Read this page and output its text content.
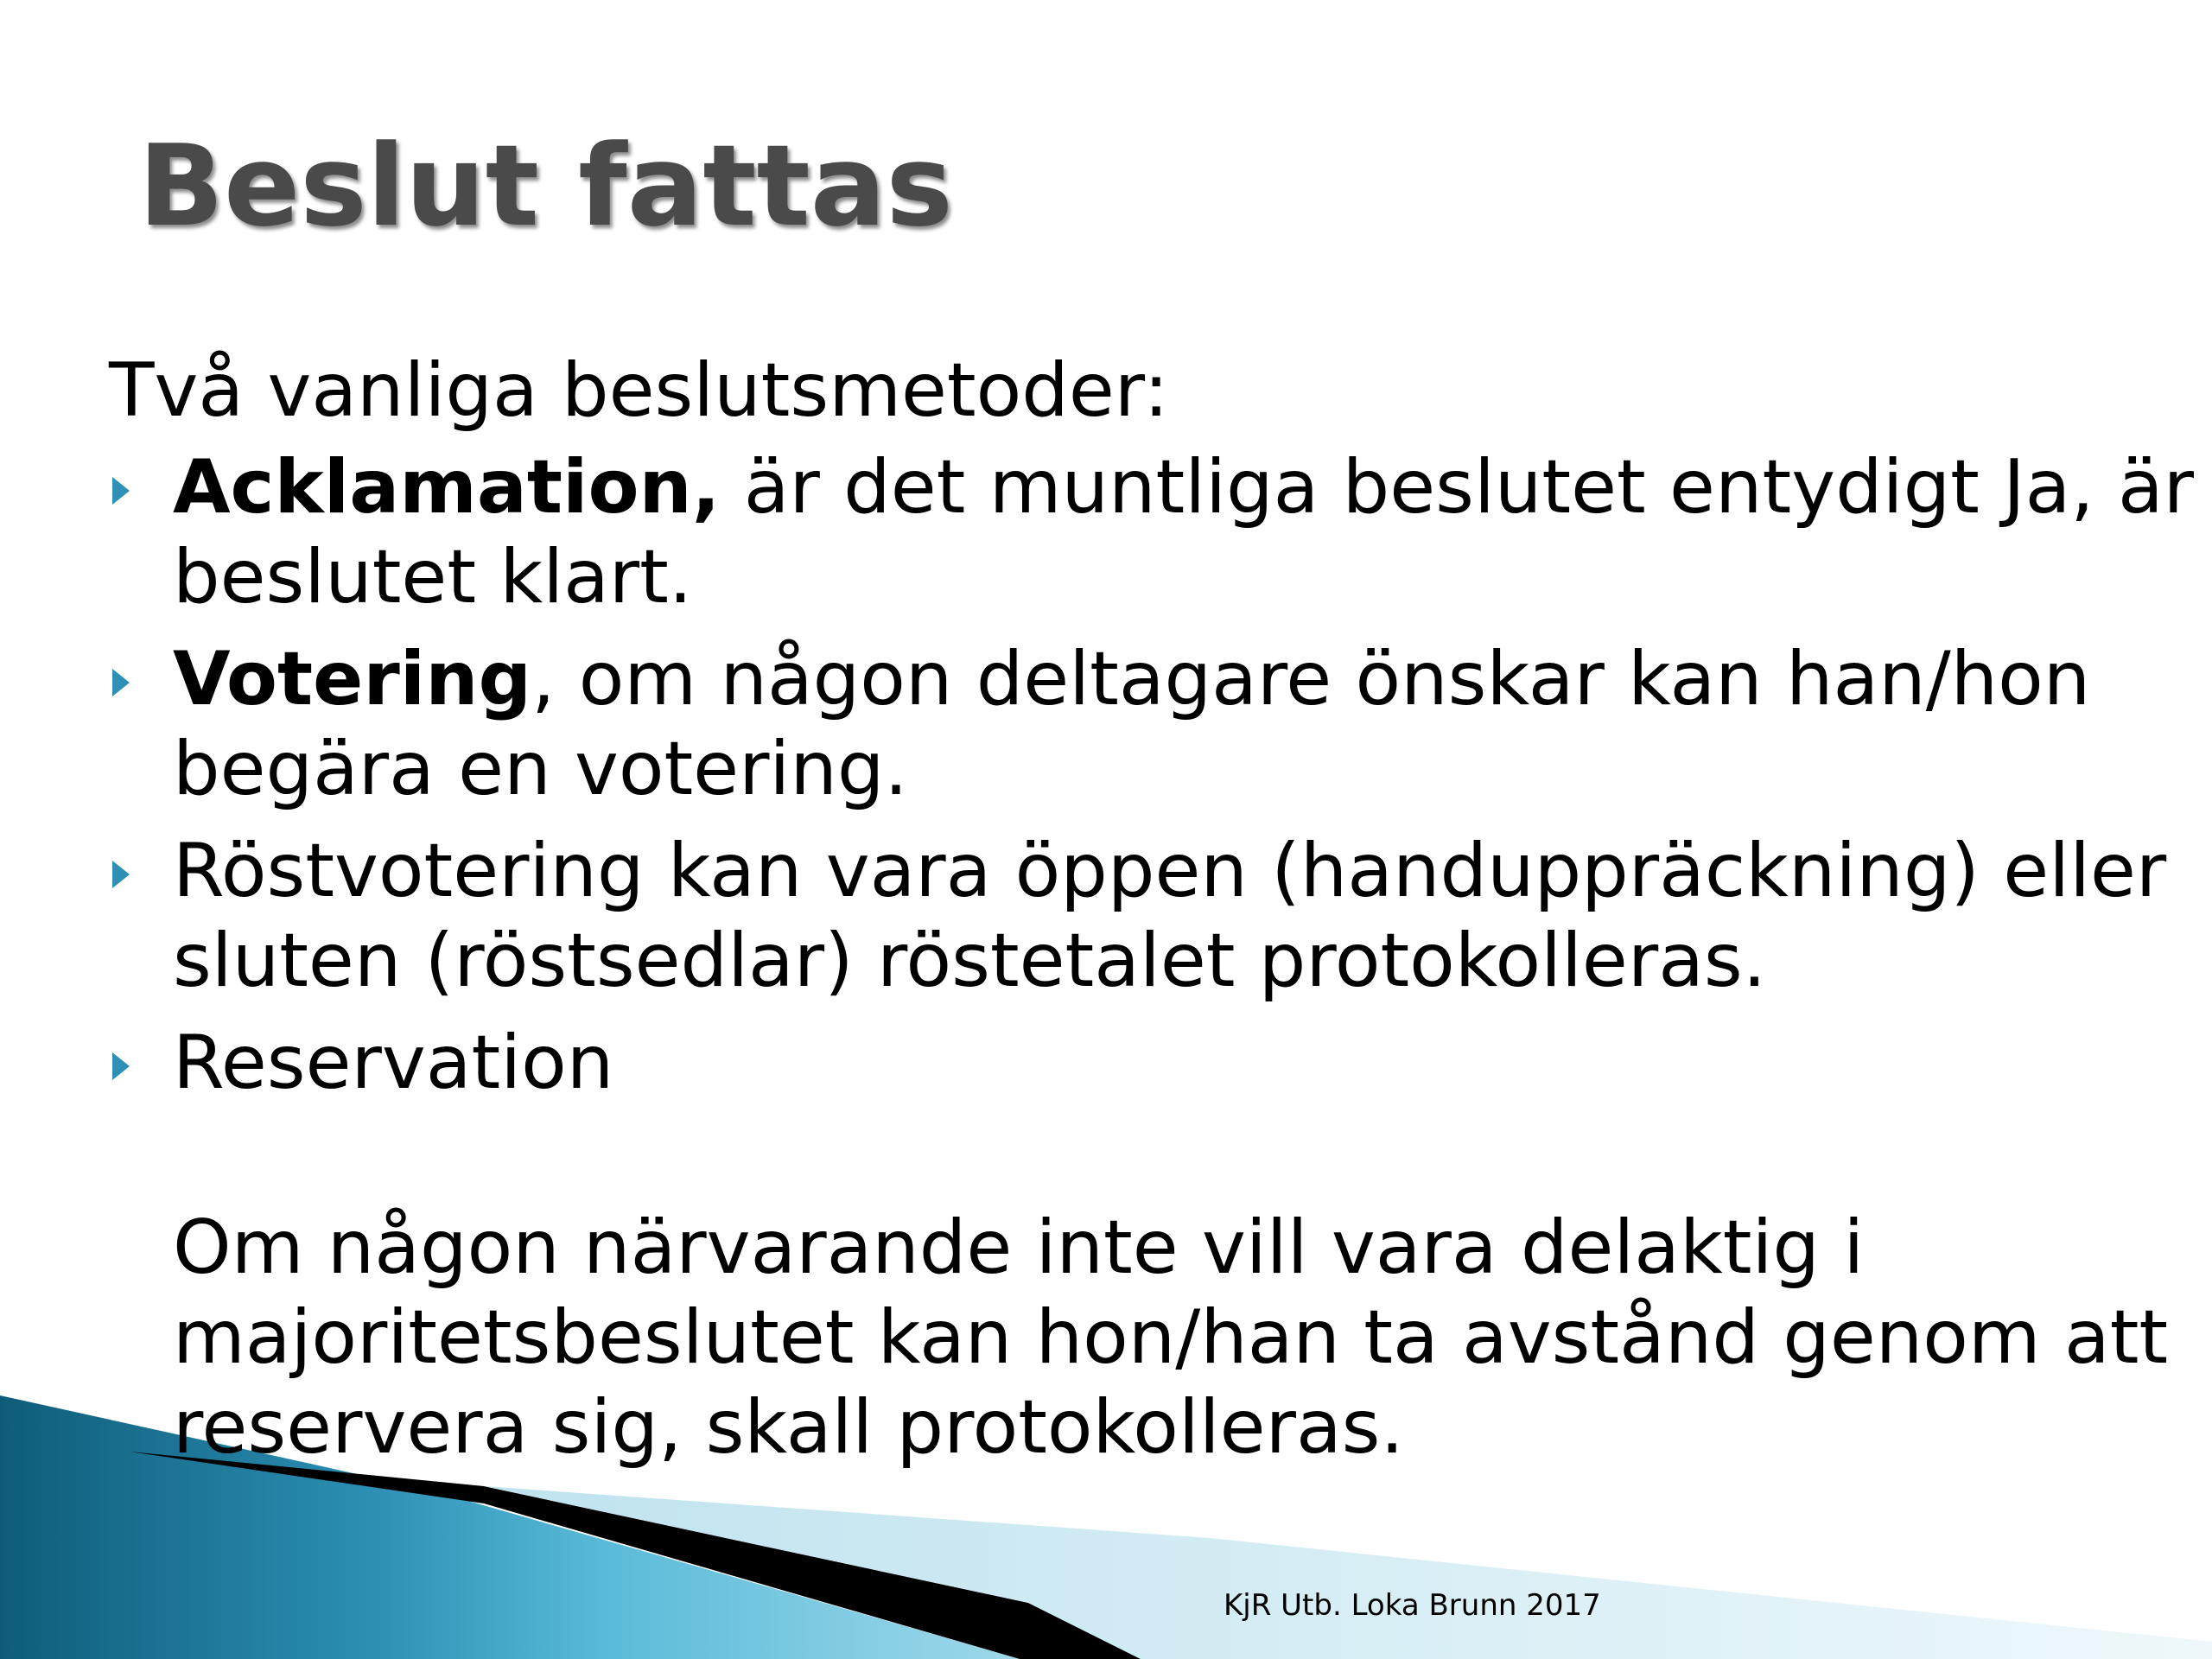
Beslut fattas

Två vanliga beslutsmetoder:

Acklamation, är det muntliga beslutet entydigt Ja, är beslutet klart.
Votering, om någon deltagare önskar kan han/hon begära en votering.
Röstvotering kan vara öppen (handuppräckning) eller sluten (röstsedlar) röstetalet protokolleras.
Reservation

Om någon närvarande inte vill vara delaktig i majoritetsbeslutet kan hon/han ta avstånd genom att reservera sig, skall protokolleras.

KjR Utb. Loka Brunn 2017
